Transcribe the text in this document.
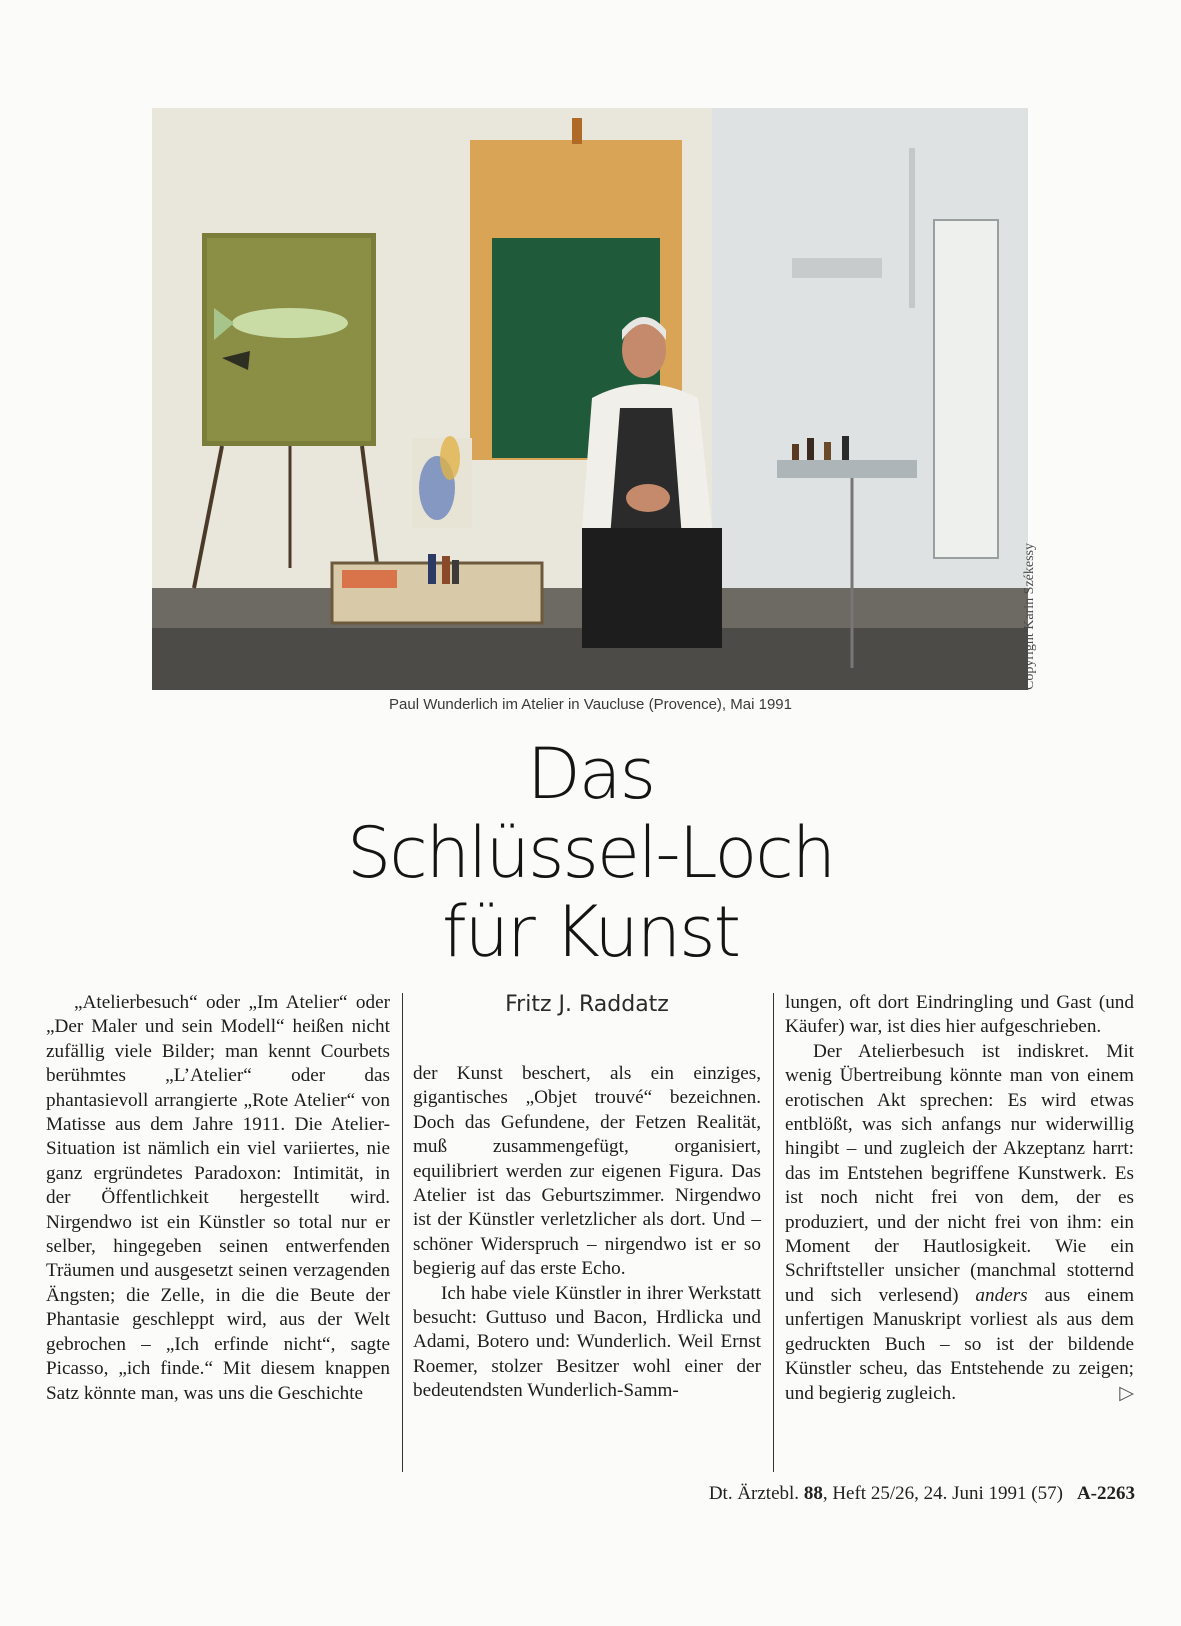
Copyright Karin Székessy
Paul Wunderlich im Atelier in Vaucluse (Provence), Mai 1991
Das
Schlüssel-Loch
für Kunst
Fritz J. Raddatz

„Atelierbesuch“ oder „Im Atelier“ oder „Der Maler und sein Modell“ heißen nicht zufällig viele Bilder; man kennt Courbets berühmtes „L’Atelier“ oder das phantasievoll arrangierte „Rote Atelier“ von Matisse aus dem Jahre 1911. Die Atelier-Situation ist nämlich ein viel variiertes, nie ganz ergründetes Paradoxon: Intimität, in der Öffentlichkeit hergestellt wird. Nirgendwo ist ein Künstler so total nur er selber, hingegeben seinen entwerfenden Träumen und ausgesetzt seinen verzagenden Ängsten; die Zelle, in die die Beute der Phantasie geschleppt wird, aus der Welt gebrochen – „Ich erfinde nicht“, sagte Picasso, „ich finde.“ Mit diesem knappen Satz könnte man, was uns die Geschichte

der Kunst beschert, als ein einziges, gigantisches „Objet trouvé“ bezeichnen. Doch das Gefundene, der Fetzen Realität, muß zusammengefügt, organisiert, equilibriert werden zur eigenen Figura. Das Atelier ist das Geburtszimmer. Nirgendwo ist der Künstler verletzlicher als dort. Und – schöner Widerspruch – nirgendwo ist er so begierig auf das erste Echo.

Ich habe viele Künstler in ihrer Werkstatt besucht: Guttuso und Bacon, Hrdlicka und Adami, Botero und: Wunderlich. Weil Ernst Roemer, stolzer Besitzer wohl einer der bedeutendsten Wunderlich-Samm-

lungen, oft dort Eindringling und Gast (und Käufer) war, ist dies hier aufgeschrieben.

Der Atelierbesuch ist indiskret. Mit wenig Übertreibung könnte man von einem erotischen Akt sprechen: Es wird etwas entblößt, was sich anfangs nur widerwillig hingibt – und zugleich der Akzeptanz harrt: das im Entstehen begriffene Kunstwerk. Es ist noch nicht frei von dem, der es produziert, und der nicht frei von ihm: ein Moment der Hautlosigkeit. Wie ein Schriftsteller unsicher (manchmal stotternd und sich verlesend) anders aus einem unfertigen Manuskript vorliest als aus dem gedruckten Buch – so ist der bildende Künstler scheu, das Entstehende zu zeigen; und begierig zugleich.	▷

Dt. Ärztebl. 88, Heft 25/26, 24. Juni 1991 (57) A-2263
